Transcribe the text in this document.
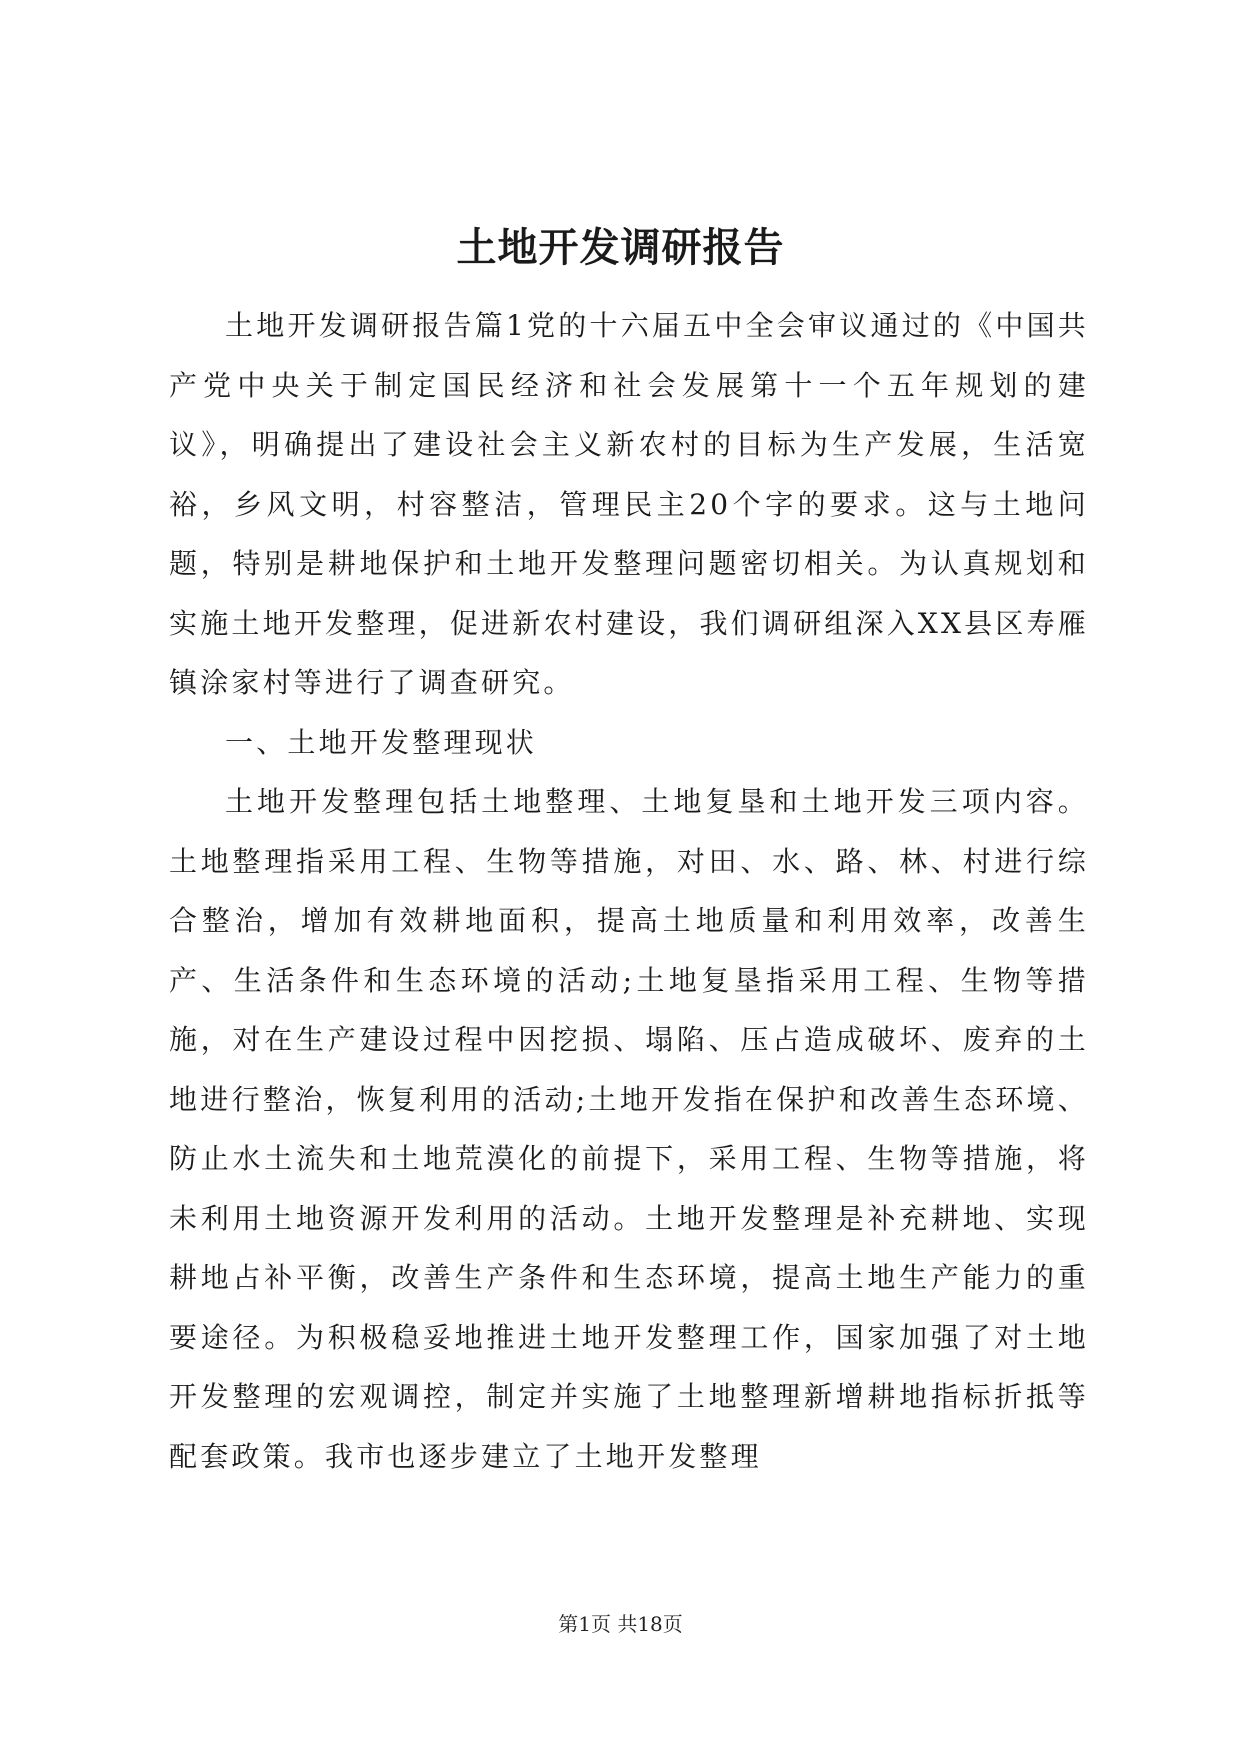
土地开发调研报告

土地开发调研报告篇1党的十六届五中全会审议通过的《中国共产党中央关于制定国民经济和社会发展第十一个五年规划的建议》，明确提出了建设社会主义新农村的目标为生产发展，生活宽裕，乡风文明，村容整洁，管理民主20个字的要求。这与土地问题，特别是耕地保护和土地开发整理问题密切相关。为认真规划和实施土地开发整理，促进新农村建设，我们调研组深入XX县区寿雁镇涂家村等进行了调查研究。

一、土地开发整理现状

土地开发整理包括土地整理、土地复垦和土地开发三项内容。土地整理指采用工程、生物等措施，对田、水、路、林、村进行综合整治，增加有效耕地面积，提高土地质量和利用效率，改善生产、生活条件和生态环境的活动;土地复垦指采用工程、生物等措施，对在生产建设过程中因挖损、塌陷、压占造成破坏、废弃的土地进行整治，恢复利用的活动;土地开发指在保护和改善生态环境、防止水土流失和土地荒漠化的前提下，采用工程、生物等措施，将未利用土地资源开发利用的活动。土地开发整理是补充耕地、实现耕地占补平衡，改善生产条件和生态环境，提高土地生产能力的重要途径。为积极稳妥地推进土地开发整理工作，国家加强了对土地开发整理的宏观调控，制定并实施了土地整理新增耕地指标折抵等配套政策。我市也逐步建立了土地开发整理

第1页 共18页
